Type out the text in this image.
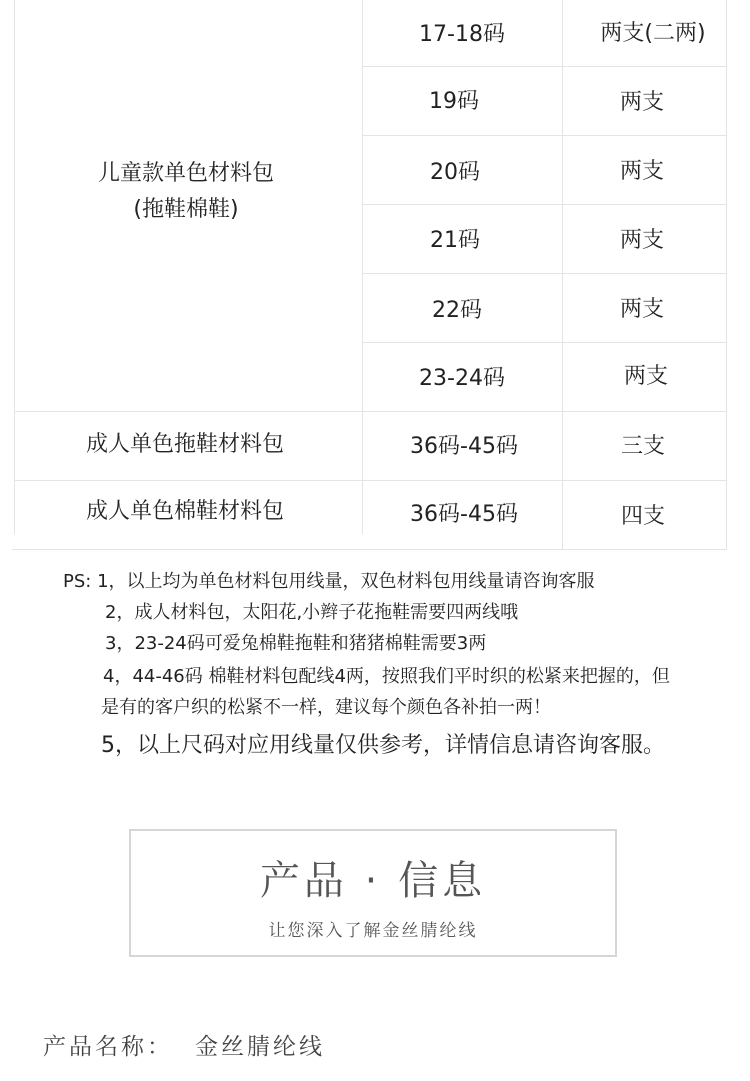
儿童款单色材料包
(拖鞋棉鞋)
17-18码	两支(二两)
19码	两支
20码	两支
21码	两支
22码	两支
23-24码	两支
成人单色拖鞋材料包	36码-45码	三支
成人单色棉鞋材料包	36码-45码	四支
PS: 1，以上均为单色材料包用线量，双色材料包用线量请咨询客服
2，成人材料包，太阳花,小辫子花拖鞋需要四两线哦
3，23-24码可爱兔棉鞋拖鞋和猪猪棉鞋需要3两
4，44-46码 棉鞋材料包配线4两，按照我们平时织的松紧来把握的，但
是有的客户织的松紧不一样，建议每个颜色各补拍一两！
5，以上尺码对应用线量仅供参考，详情信息请咨询客服。
产品 · 信息
让您深入了解金丝腈纶线
产品名称： 金丝腈纶线
